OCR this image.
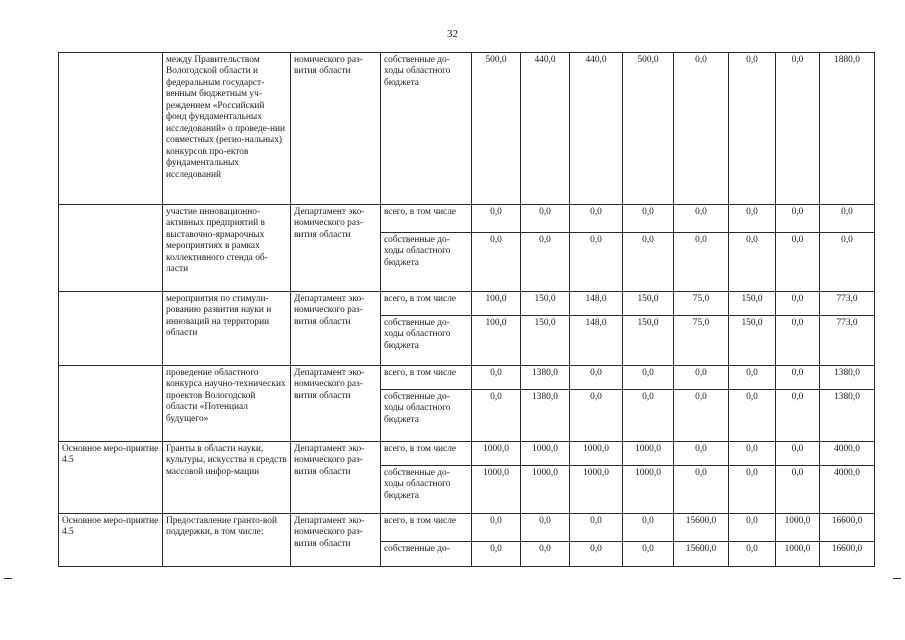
32
	между Правительством Вологодской области и федеральным государст-венным бюджетным уч-реждением «Российский фонд фундаментальных исследований» о проведе-нии совместных (регио-нальных) конкурсов про-ектов фундаментальных исследований	номического раз-вития области	собственные до-ходы областного бюджета	500,0	440,0	440,0	500,0	0,0	0,0	0,0	1880,0
	участие инновационно-активных предприятий в выставочно-ярмарочных мероприятиях в рамках коллективного стенда об-ласти	Департамент эко-номического раз-вития области	всего, в том числе	0,0	0,0	0,0	0,0	0,0	0,0	0,0	0,0
			собственные до-ходы областного бюджета	0,0	0,0	0,0	0,0	0,0	0,0	0,0	0,0
	мероприятия по стимули-рованию развития науки и инноваций на территории области	Департамент эко-номического раз-вития области	всего, в том числе	100,0	150,0	148,0	150,0	75,0	150,0	0,0	773,0
			собственные до-ходы областного бюджета	100,0	150,0	148,0	150,0	75,0	150,0	0,0	773,0
	проведение областного конкурса научно-технических проектов Вологодской области «Потенциал будущего»	Департамент эко-номического раз-вития области	всего, в том числе	0,0	1380,0	0,0	0,0	0,0	0,0	0,0	1380,0
			собственные до-ходы областного бюджета	0,0	1380,0	0,0	0,0	0,0	0,0	0,0	1380,0
Основное меро-приятие 4.5	Гранты в области науки, культуры, искусства и средств массовой инфор-мации	Департамент эко-номического раз-вития области	всего, в том числе	1000,0	1000,0	1000,0	1000,0	0,0	0,0	0,0	4000,0
			собственные до-ходы областного бюджета	1000,0	1000,0	1000,0	1000,0	0,0	0,0	0,0	4000,0
Основное меро-приятие 4.5	Предоставление гранто-вой поддержки, в том числе:	Департамент эко-номического раз-вития области	всего, в том числе	0,0	0,0	0,0	0,0	15600,0	0,0	1000,0	16600,0
			собственные до-	0,0	0,0	0,0	0,0	15600,0	0,0	1000,0	16600,0
